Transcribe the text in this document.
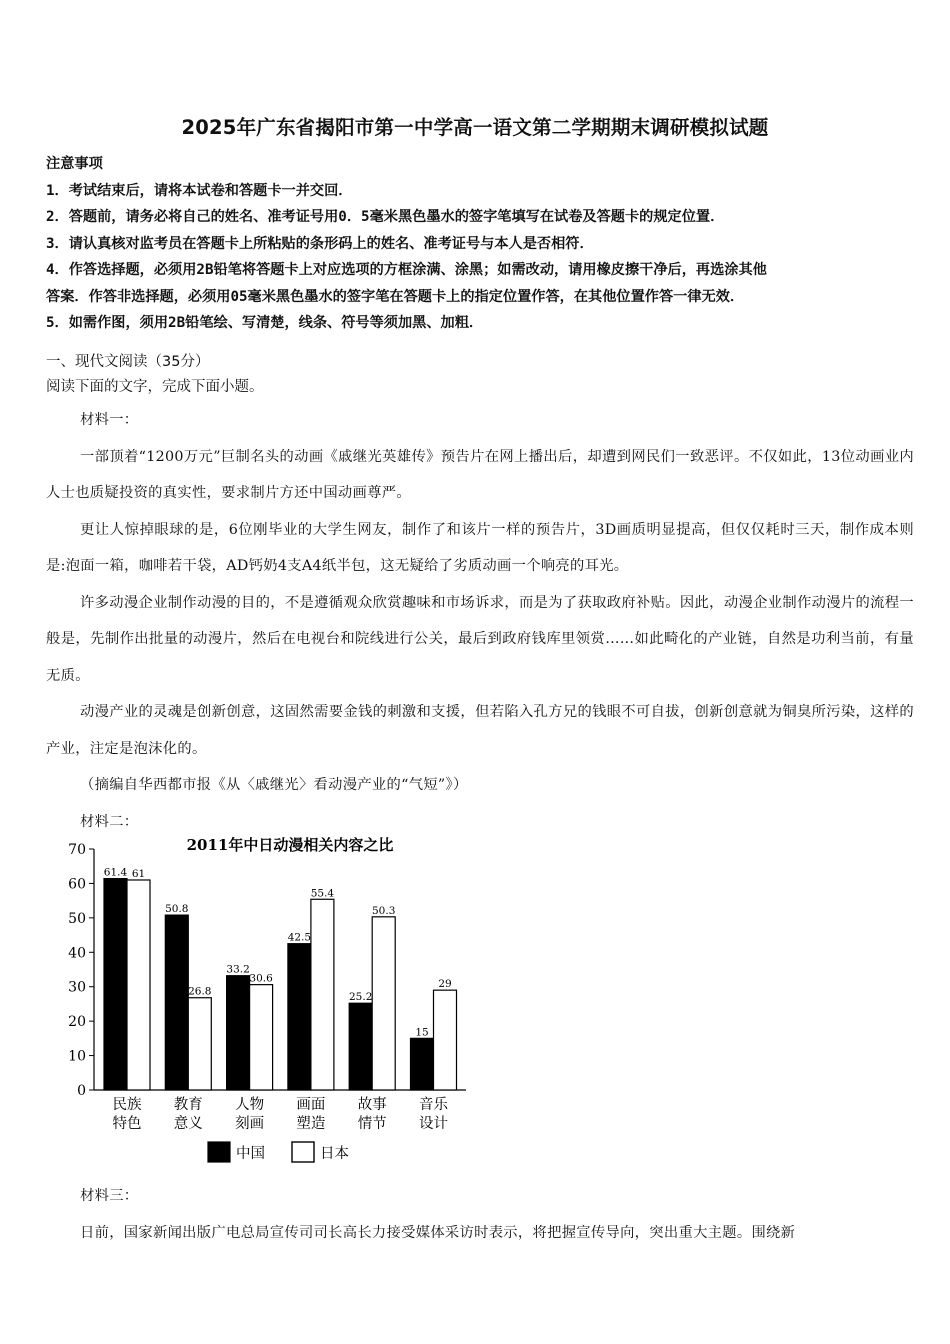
2025年广东省揭阳市第一中学高一语文第二学期期末调研模拟试题
注意事项
1．考试结束后，请将本试卷和答题卡一并交回．
2．答题前，请务必将自己的姓名、准考证号用0．5毫米黑色墨水的签字笔填写在试卷及答题卡的规定位置．
3．请认真核对监考员在答题卡上所粘贴的条形码上的姓名、准考证号与本人是否相符．
4．作答选择题，必须用2B铅笔将答题卡上对应选项的方框涂满、涂黑；如需改动，请用橡皮擦干净后，再选涂其他
答案．作答非选择题，必须用05毫米黑色墨水的签字笔在答题卡上的指定位置作答，在其他位置作答一律无效．
5．如需作图，须用2B铅笔绘、写清楚，线条、符号等须加黑、加粗．
一、现代文阅读（35分）
阅读下面的文字，完成下面小题。

材料一：

一部顶着“1200万元”巨制名头的动画《戚继光英雄传》预告片在网上播出后，却遭到网民们一致恶评。不仅如此，13位动画业内人士也质疑投资的真实性，要求制片方还中国动画尊严。

更让人惊掉眼球的是，6位刚毕业的大学生网友，制作了和该片一样的预告片，3D画质明显提高，但仅仅耗时三天，制作成本则是:泡面一箱，咖啡若干袋，AD钙奶4支A4纸半包，这无疑给了劣质动画一个响亮的耳光。

许多动漫企业制作动漫的目的，不是遵循观众欣赏趣味和市场诉求，而是为了获取政府补贴。因此，动漫企业制作动漫片的流程一般是，先制作出批量的动漫片，然后在电视台和院线进行公关，最后到政府钱库里领赏……如此畸化的产业链，自然是功利当前，有量无质。

动漫产业的灵魂是创新创意，这固然需要金钱的刺激和支援，但若陷入孔方兄的钱眼不可自拔，创新创意就为铜臭所污染，这样的产业，注定是泡沫化的。

（摘编自华西都市报《从〈戚继光〉看动漫产业的“气短”》）

材料二：

2011年中日动漫相关内容之比
0
10
20
30
40
50
60
70
61.4 61
民族
特色
50.8
26.8
教育
意义
33.2
30.6
人物
刻画
42.5
55.4
画面
塑造
25.2
50.3
故事
情节
15
29
音乐
设计
中国	日本

材料三：

日前，国家新闻出版广电总局宣传司司长高长力接受媒体采访时表示，将把握宣传导向，突出重大主题。围绕新
